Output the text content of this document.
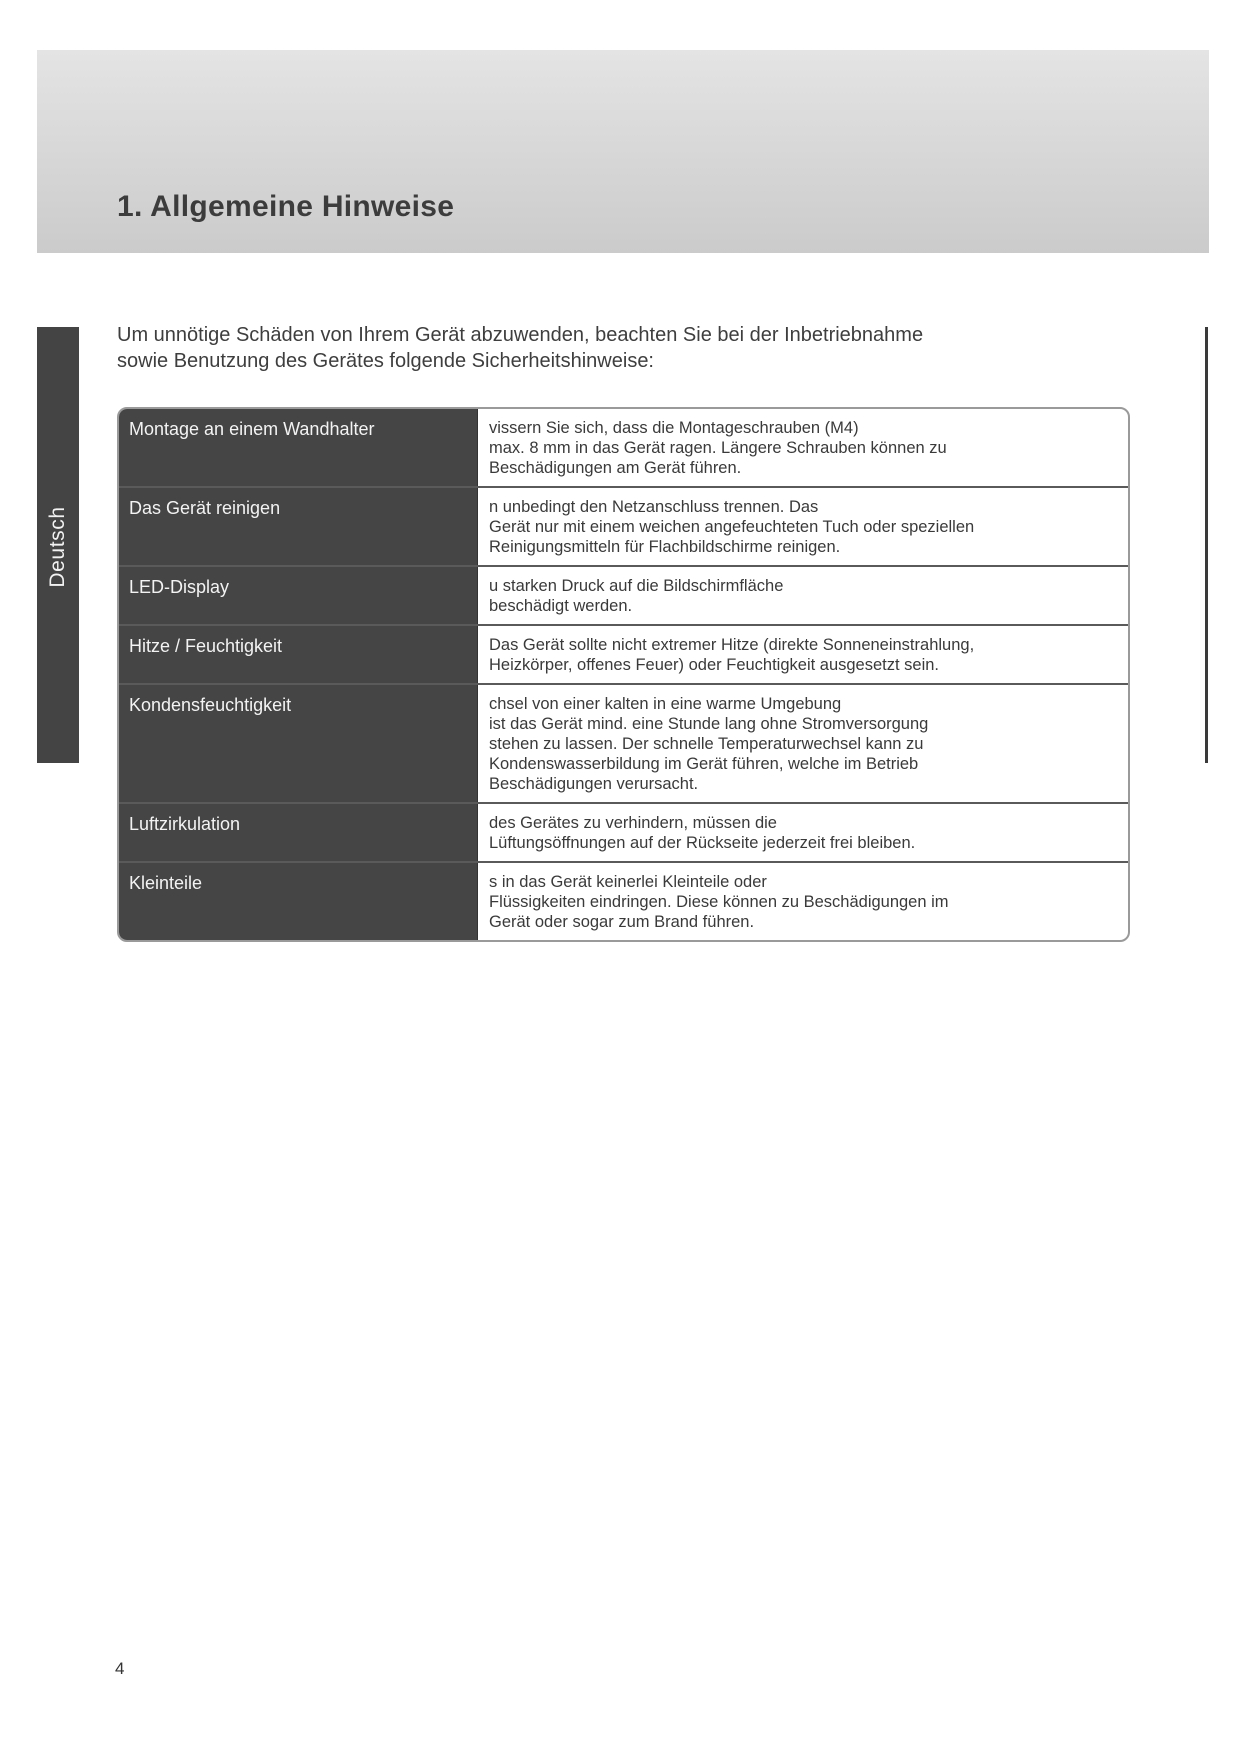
1. Allgemeine Hinweise
Deutsch
Um unnötige Schäden von Ihrem Gerät abzuwenden, beachten Sie bei der Inbetriebnahme
sowie Benutzung des Gerätes folgende Sicherheitshinweise:
Montage an einem Wandhalter	vissern Sie sich, dass die Montageschrauben (M4)
max. 8 mm in das Gerät ragen. Längere Schrauben können zu
Beschädigungen am Gerät führen.
Das Gerät reinigen	n unbedingt den Netzanschluss trennen. Das
Gerät nur mit einem weichen angefeuchteten Tuch oder speziellen
Reinigungsmitteln für Flachbildschirme reinigen.
LED-Display	u starken Druck auf die Bildschirmfläche
beschädigt werden.
Hitze / Feuchtigkeit	Das Gerät sollte nicht extremer Hitze (direkte Sonneneinstrahlung,
Heizkörper, offenes Feuer) oder Feuchtigkeit ausgesetzt sein.
Kondensfeuchtigkeit	chsel von einer kalten in eine warme Umgebung
ist das Gerät mind. eine Stunde lang ohne Stromversorgung
stehen zu lassen. Der schnelle Temperaturwechsel kann zu
Kondenswasserbildung im Gerät führen, welche im Betrieb
Beschädigungen verursacht.
Luftzirkulation	des Gerätes zu verhindern, müssen die
Lüftungsöffnungen auf der Rückseite jederzeit frei bleiben.
Kleinteile	s in das Gerät keinerlei Kleinteile oder
Flüssigkeiten eindringen. Diese können zu Beschädigungen im
Gerät oder sogar zum Brand führen.
4
